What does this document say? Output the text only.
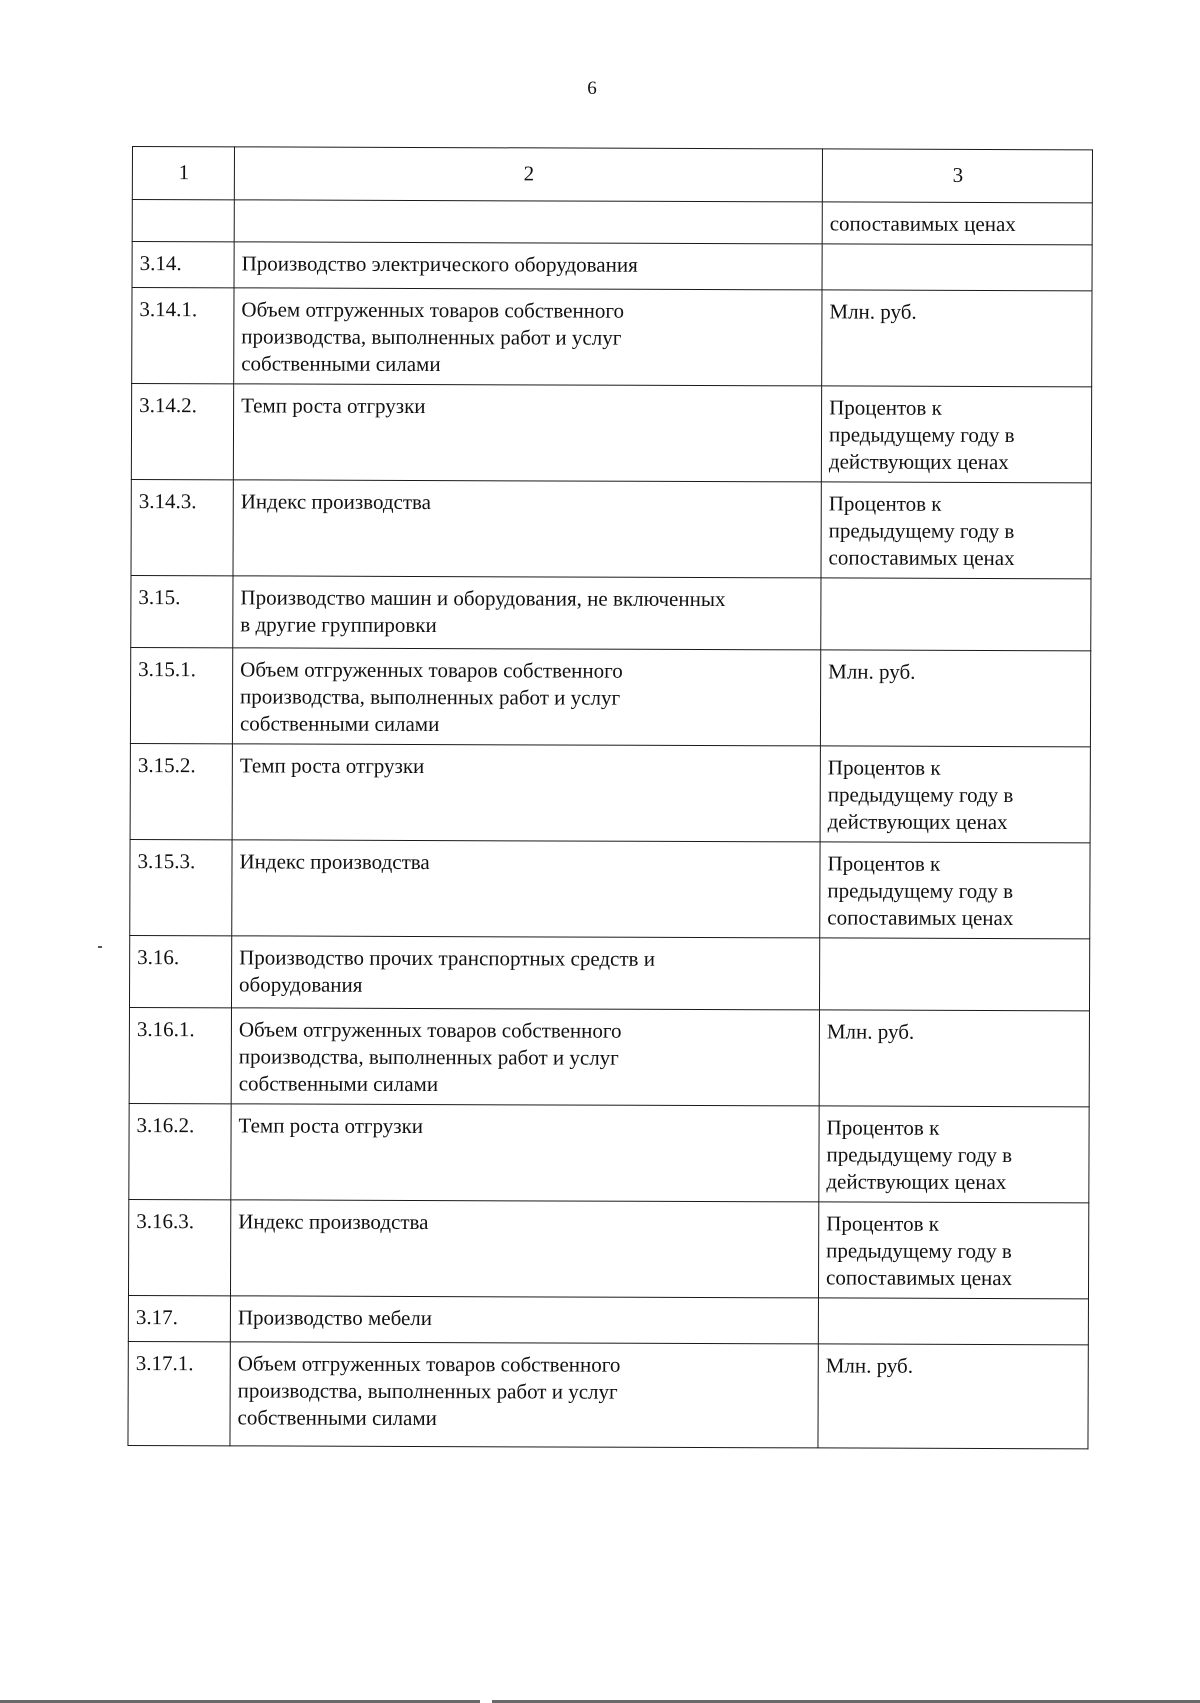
6
1	2	3
		сопоставимых ценах
3.14.	Производство электрического оборудования	
3.14.1.	Объем отгруженных товаров собственного
производства, выполненных работ и услуг
собственными силами	Млн. руб.
3.14.2.	Темп роста отгрузки	Процентов к
предыдущему году в
действующих ценах
3.14.3.	Индекс производства	Процентов к
предыдущему году в
сопоставимых ценах
3.15.	Производство машин и оборудования, не включенных
в другие группировки	
3.15.1.	Объем отгруженных товаров собственного
производства, выполненных работ и услуг
собственными силами	Млн. руб.
3.15.2.	Темп роста отгрузки	Процентов к
предыдущему году в
действующих ценах
3.15.3.	Индекс производства	Процентов к
предыдущему году в
сопоставимых ценах
3.16.	Производство прочих транспортных средств и
оборудования	
3.16.1.	Объем отгруженных товаров собственного
производства, выполненных работ и услуг
собственными силами	Млн. руб.
3.16.2.	Темп роста отгрузки	Процентов к
предыдущему году в
действующих ценах
3.16.3.	Индекс производства	Процентов к
предыдущему году в
сопоставимых ценах
3.17.	Производство мебели	
3.17.1.	Объем отгруженных товаров собственного
производства, выполненных работ и услуг
собственными силами	Млн. руб.
